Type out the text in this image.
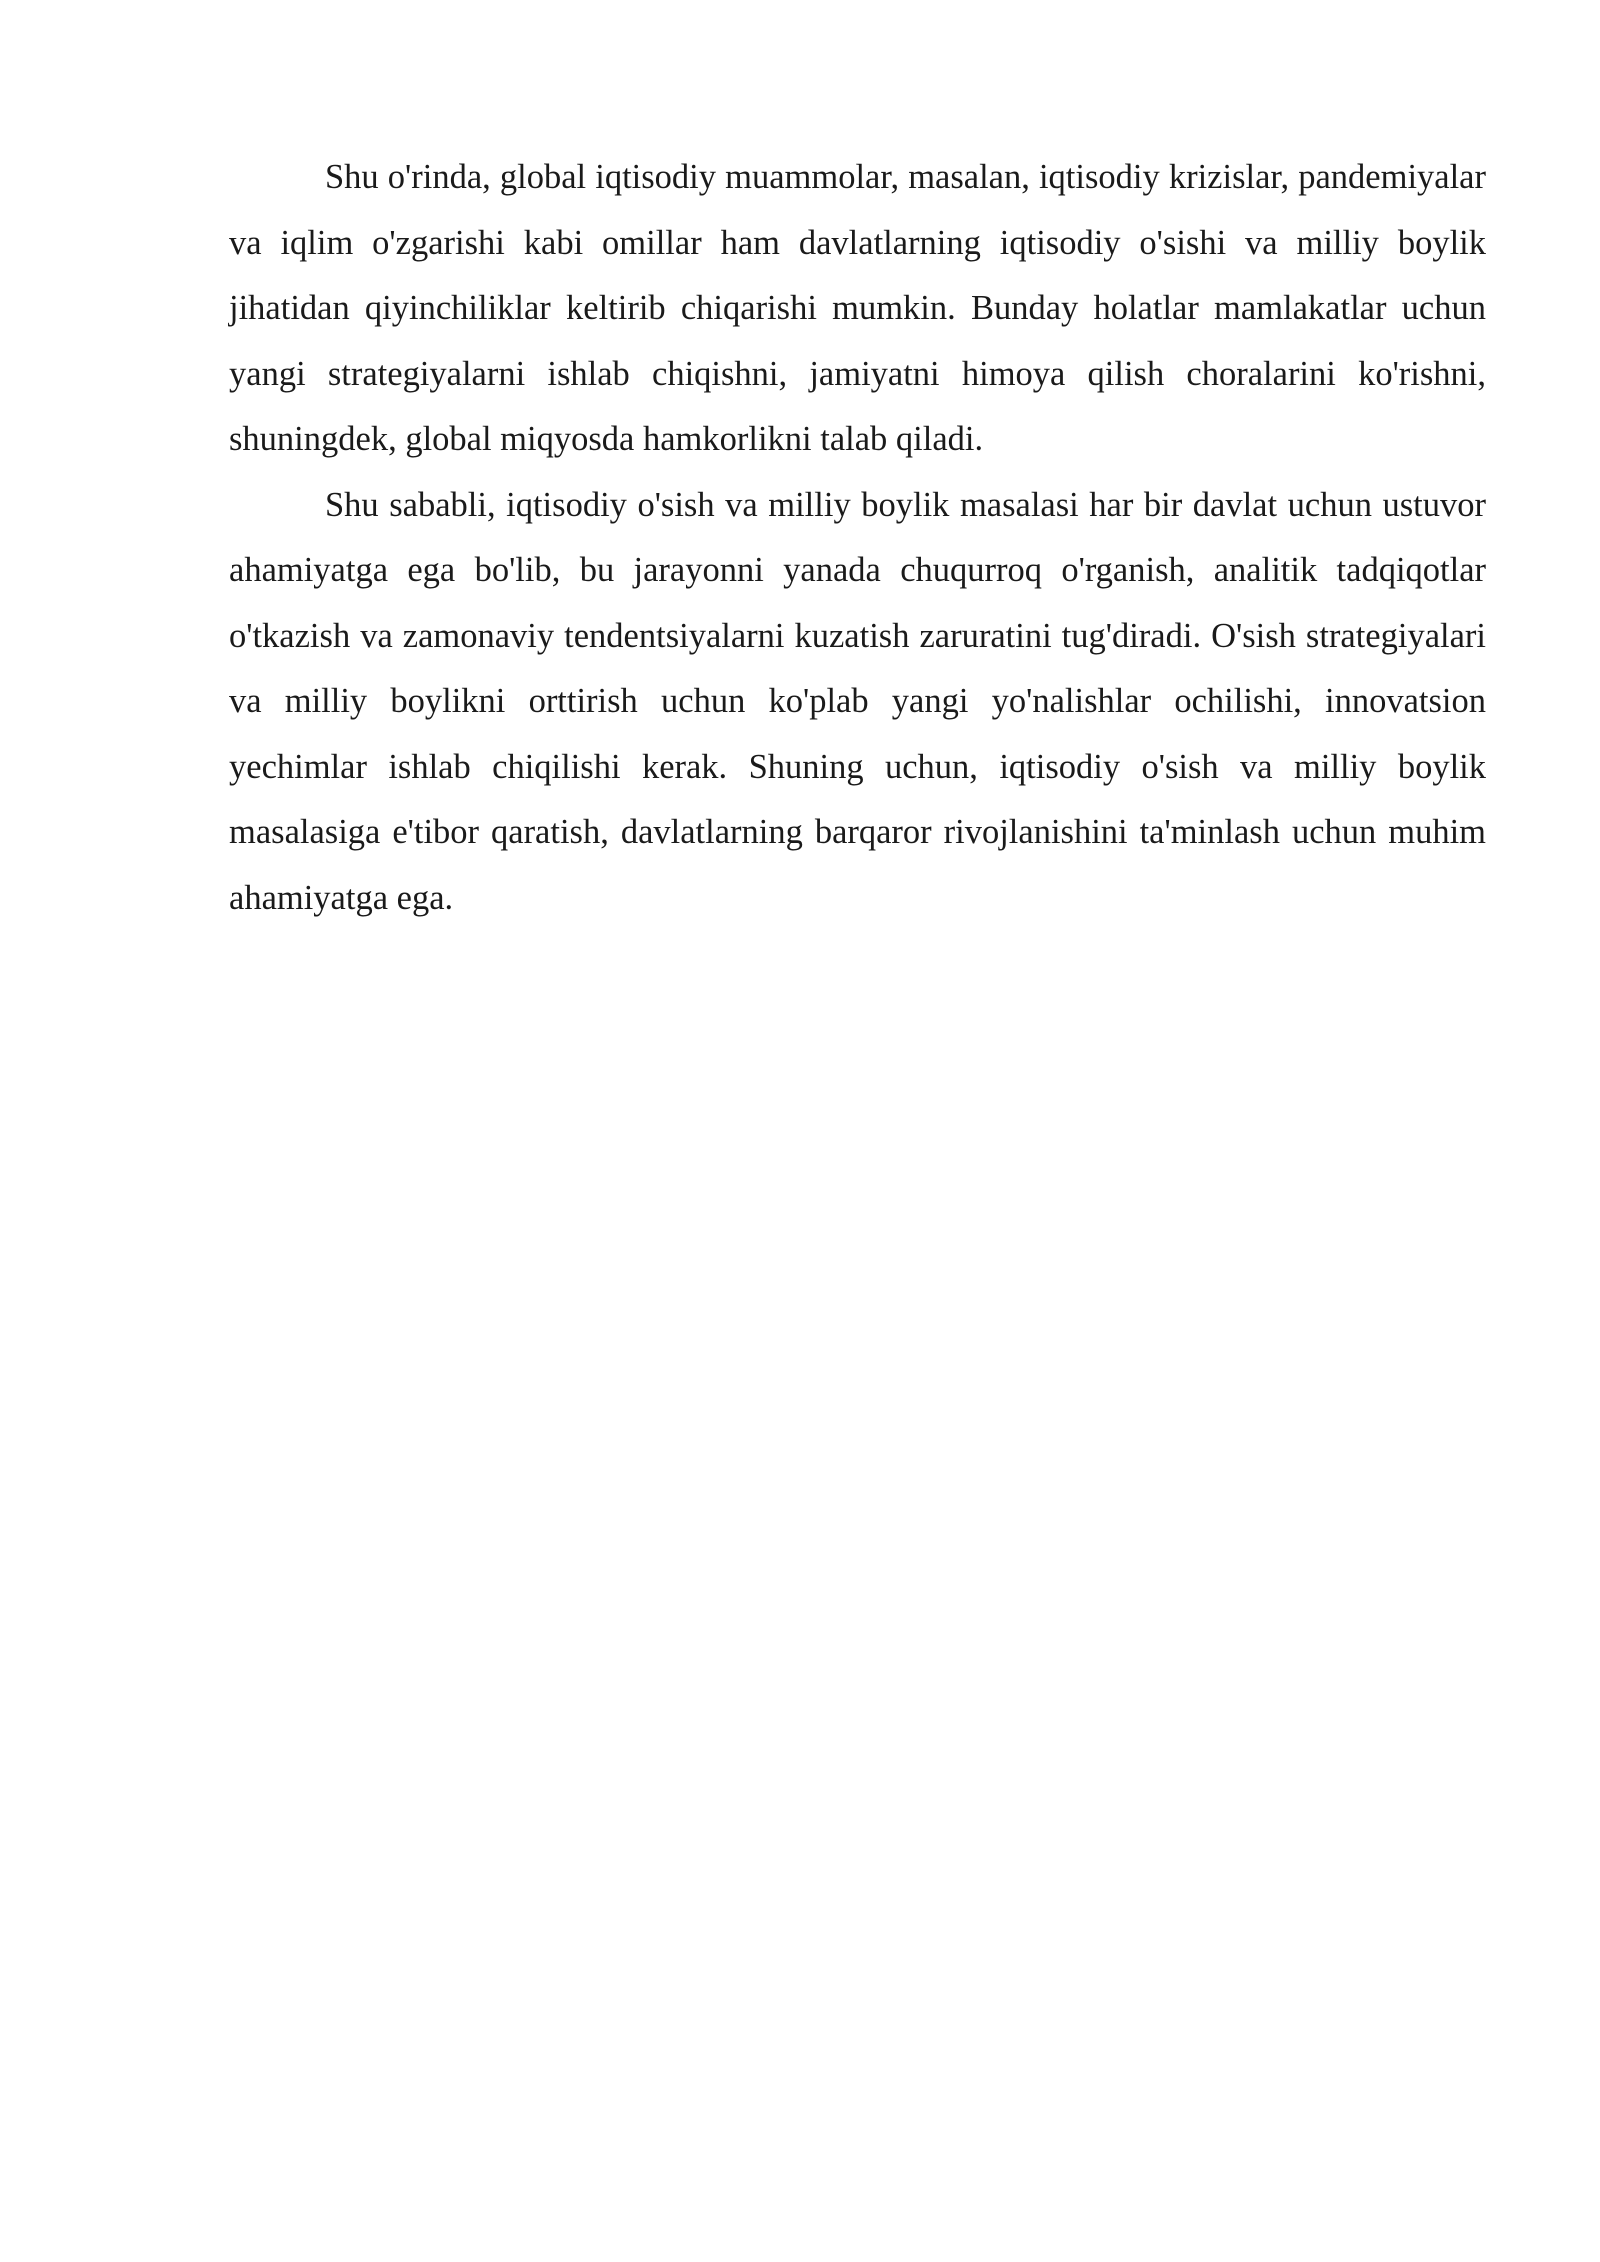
Shu o'rinda, global iqtisodiy muammolar, masalan, iqtisodiy krizislar, pandemiyalar va iqlim o'zgarishi kabi omillar ham davlatlarning iqtisodiy o'sishi va milliy boylik jihatidan qiyinchiliklar keltirib chiqarishi mumkin. Bunday holatlar mamlakatlar uchun yangi strategiyalarni ishlab chiqishni, jamiyatni himoya qilish choralarini ko'rishni, shuningdek, global miqyosda hamkorlikni talab qiladi.

Shu sababli, iqtisodiy o'sish va milliy boylik masalasi har bir davlat uchun ustuvor ahamiyatga ega bo'lib, bu jarayonni yanada chuqurroq o'rganish, analitik tadqiqotlar o'tkazish va zamonaviy tendentsiyalarni kuzatish zaruratini tug'diradi. O'sish strategiyalari va milliy boylikni orttirish uchun ko'plab yangi yo'nalishlar ochilishi, innovatsion yechimlar ishlab chiqilishi kerak. Shuning uchun, iqtisodiy o'sish va milliy boylik masalasiga e'tibor qaratish, davlatlarning barqaror rivojlanishini ta'minlash uchun muhim ahamiyatga ega.
